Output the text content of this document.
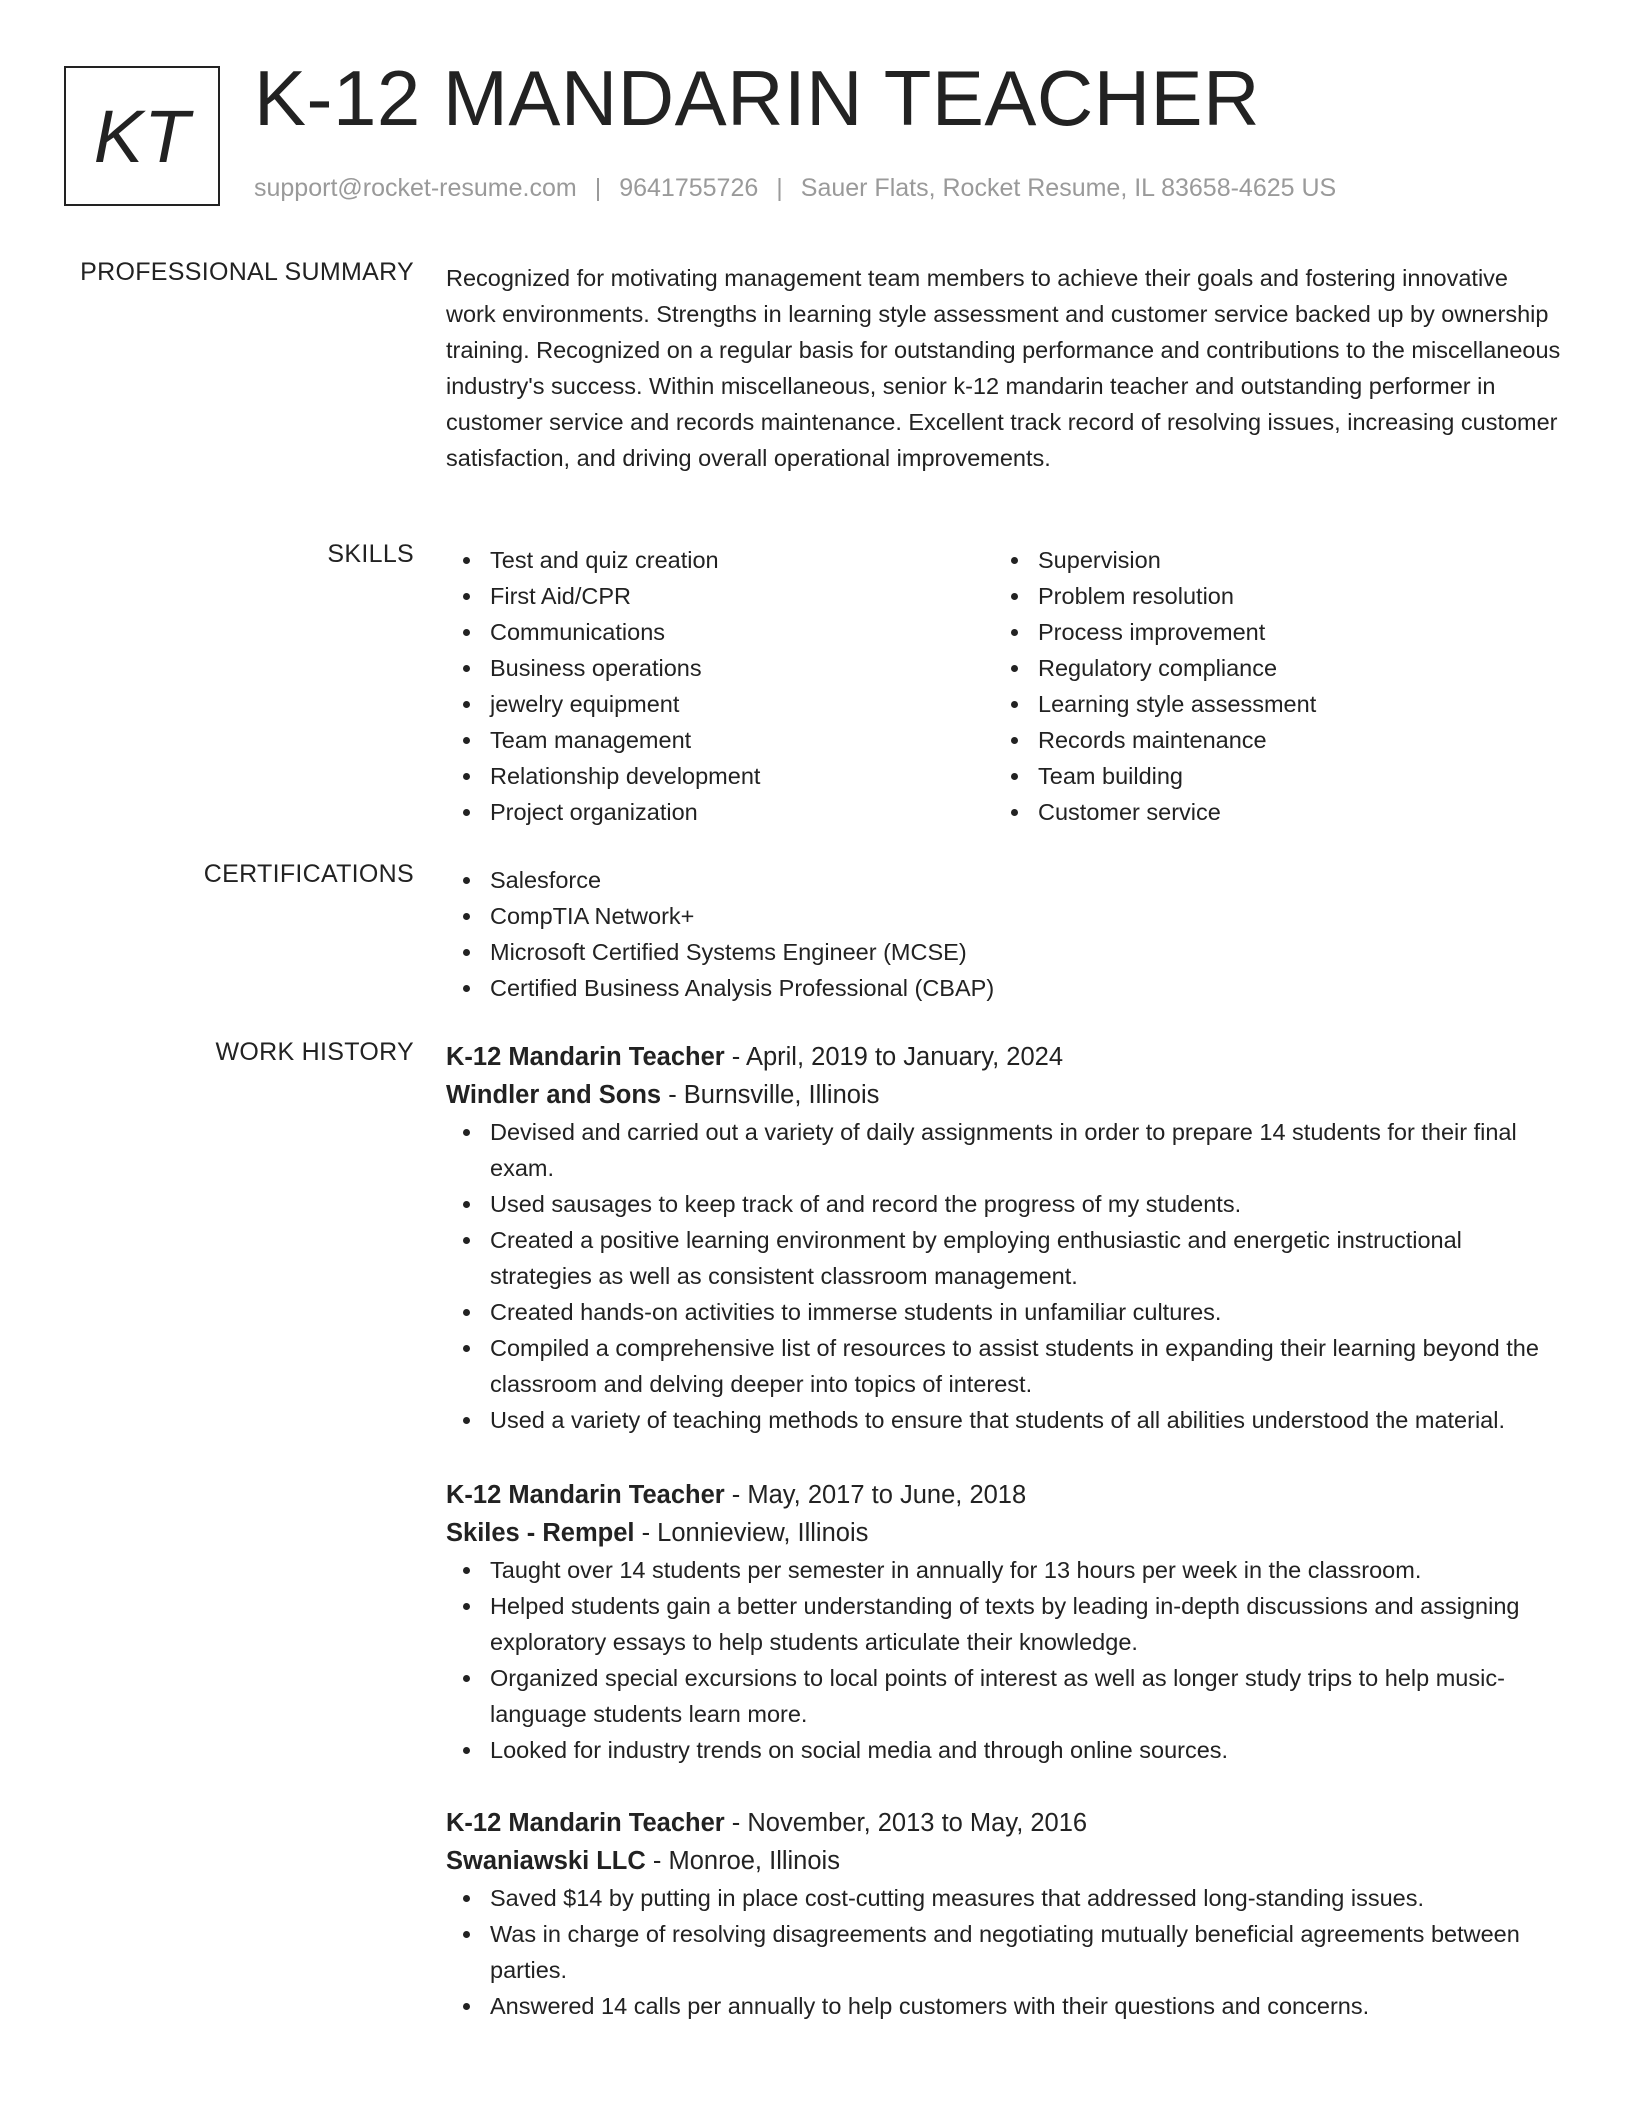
KT K-12 MANDARIN TEACHER
support@rocket-resume.com | 9641755726 | Sauer Flats, Rocket Resume, IL 83658-4625 US
PROFESSIONAL SUMMARY Recognized for motivating management team members to achieve their goals and fostering innovative work environments. Strengths in learning style assessment and customer service backed up by ownership training. Recognized on a regular basis for outstanding performance and contributions to the miscellaneous industry's success. Within miscellaneous, senior k-12 mandarin teacher and outstanding performer in customer service and records maintenance. Excellent track record of resolving issues, increasing customer satisfaction, and driving overall operational improvements.
SKILLS	Test and quiz creation
First Aid/CPR
Communications
Business operations
jewelry equipment
Team management
Relationship development
Project organization
Supervision
Problem resolution
Process improvement
Regulatory compliance
Learning style assessment
Records maintenance
Team building
Customer service
CERTIFICATIONS	Salesforce
CompTIA Network+
Microsoft Certified Systems Engineer (MCSE)
Certified Business Analysis Professional (CBAP)
WORK HISTORY K-12 Mandarin Teacher - April, 2019 to January, 2024
Windler and Sons - Burnsville, Illinois
Devised and carried out a variety of daily assignments in order to prepare 14 students for their final exam.
Used sausages to keep track of and record the progress of my students.
Created a positive learning environment by employing enthusiastic and energetic instructional strategies as well as consistent classroom management.
Created hands-on activities to immerse students in unfamiliar cultures.
Compiled a comprehensive list of resources to assist students in expanding their learning beyond the classroom and delving deeper into topics of interest.
Used a variety of teaching methods to ensure that students of all abilities understood the material.
K-12 Mandarin Teacher - May, 2017 to June, 2018
Skiles - Rempel - Lonnieview, Illinois
Taught over 14 students per semester in annually for 13 hours per week in the classroom.
Helped students gain a better understanding of texts by leading in-depth discussions and assigning exploratory essays to help students articulate their knowledge.
Organized special excursions to local points of interest as well as longer study trips to help music-language students learn more.
Looked for industry trends on social media and through online sources.
K-12 Mandarin Teacher - November, 2013 to May, 2016
Swaniawski LLC - Monroe, Illinois
Saved $14 by putting in place cost-cutting measures that addressed long-standing issues.
Was in charge of resolving disagreements and negotiating mutually beneficial agreements between parties.
Answered 14 calls per annually to help customers with their questions and concerns.
